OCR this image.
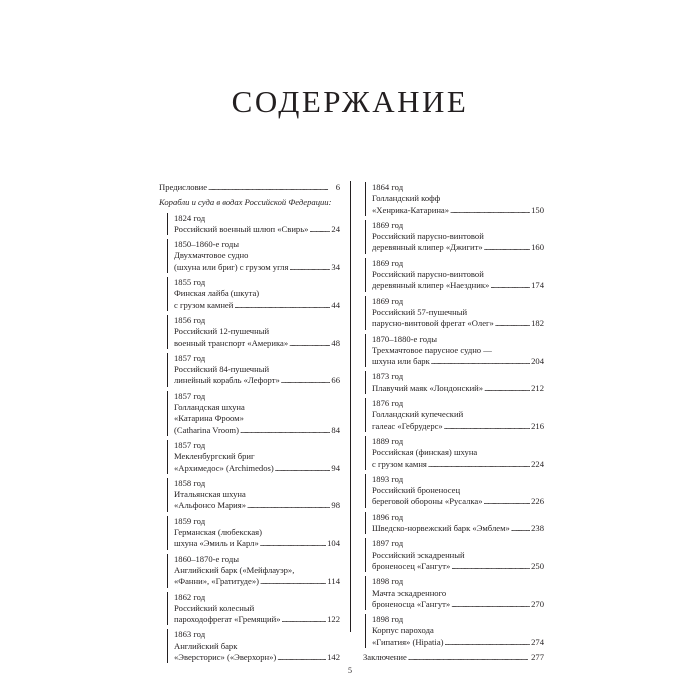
СОДЕРЖАНИЕ
Предисловие . . .	6
Корабли и суда в водах Российской Федерации:
1824 год
Российский военный шлюп «Свирь» . . .	24
1850–1860-е годы
Двухмачтовое судно
(шхуна или бриг) с грузом угля . . .	34
1855 год
Финская лайба (шкута)
с грузом камней . . .	44
1856 год
Российский 12-пушечный
военный транспорт «Америка» . . .	48
1857 год
Российский 84-пушечный
линейный корабль «Лефорт» . . .	66
1857 год
Голландская шхуна
«Катарина Фроом»
(Catharina Vroom) . . .	84
1857 год
Мекленбургский бриг
«Архимедос» (Archimedos) . . .	94
1858 год
Итальянская шхуна
«Альфонсо Мария» . . .	98
1859 год
Германская (любекская)
шхуна «Эмиль и Карл» . . .	104
1860–1870-е годы
Английский барк («Мейфлауэр»,
«Фанни», «Гратитуде») . . .	114
1862 год
Российский колесный
пароходофрегат «Гремящий» . . .	122
1863 год
Английский барк
«Эверсторис» («Эверхорн») . . .	142
1864 год
Голландский кофф
«Хенрика-Катарина» . . .	150
1869 год
Российский парусно-винтовой
деревянный клипер «Джигит» . . .	160
1869 год
Российский парусно-винтовой
деревянный клипер «Наездник» . . .	174
1869 год
Российский 57-пушечный
парусно-винтовой фрегат «Олег» . . .	182
1870–1880-е годы
Трехмачтовое парусное судно —
шхуна или барк . . .	204
1873 год
Плавучий маяк «Лондонский» . . .	212
1876 год
Голландский купеческий
галеас «Гебрудерс» . . .	216
1889 год
Российская (финская) шхуна
с грузом камня . . .	224
1893 год
Российский броненосец
береговой обороны «Русалка» . . .	226
1896 год
Шведско-норвежский барк «Эмблем» . . . 238
1897 год
Российский эскадренный
броненосец «Гангут» . . .	250
1898 год
Мачта эскадренного
броненосца «Гангут» . . .	270
1898 год
Корпус парохода
«Гипатия» (Hipatia) . . .	274
Заключение . . .	277
5
